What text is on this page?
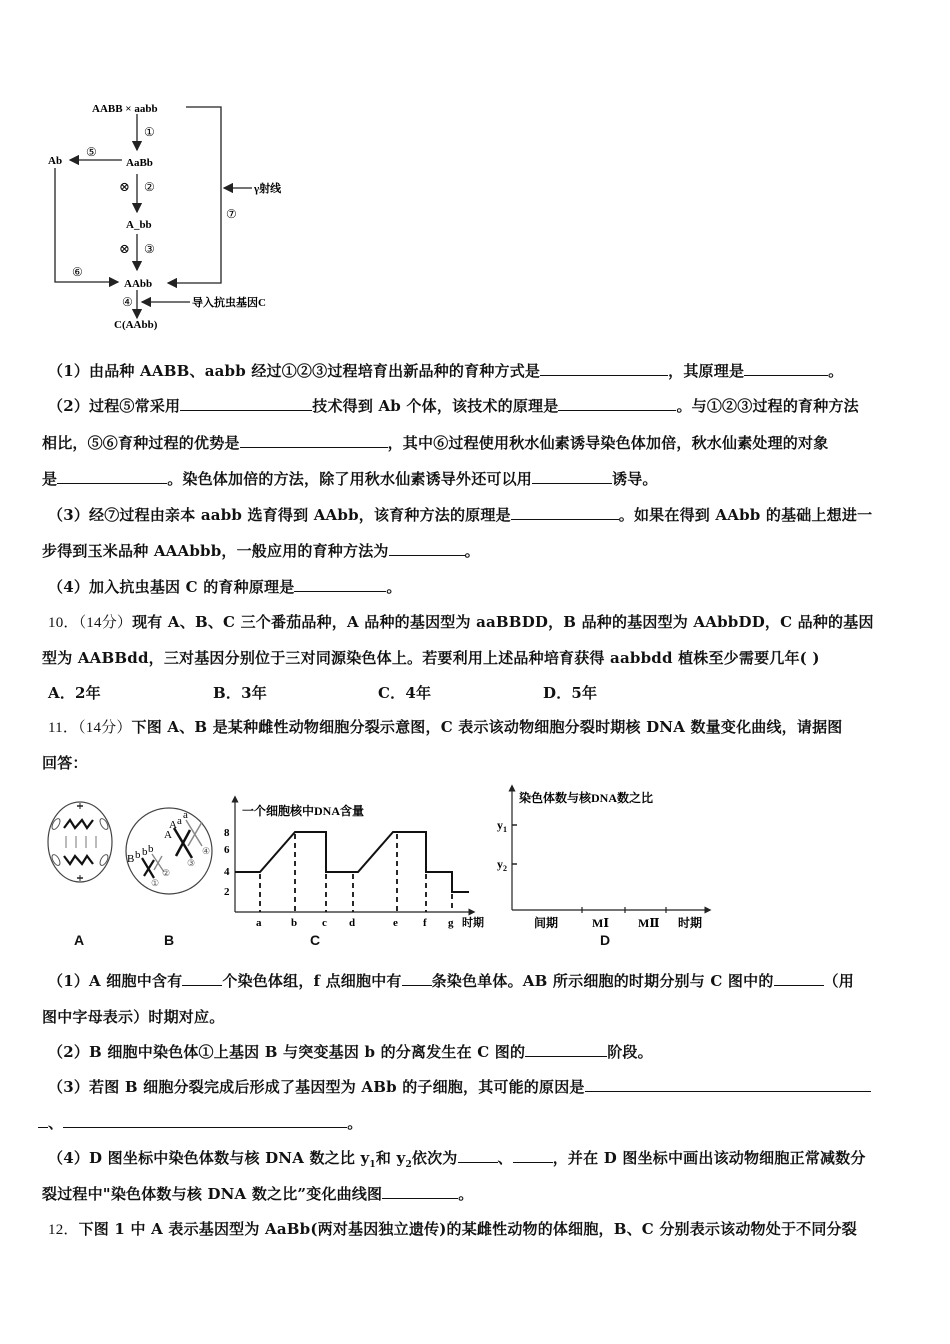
AABB × aabb
①
AaBb
Ab
⑤
⊗ ②
A_bb
⊗ ③
⑥
AAbb
⑦
γ射线
④	导入抗虫基因C
C(AAbb)
（1）由品种 AABB、aabb 经过①②③过程培育出新品种的育种方式是	，其原理是	。
（2）过程⑤常采用	技术得到 Ab 个体，该技术的原理是	。与①②③过程的育种方法
相比，⑤⑥育种过程的优势是	，其中⑥过程使用秋水仙素诱导染色体加倍，秋水仙素处理的对象
是	。染色体加倍的方法，除了用秋水仙素诱导外还可以用	诱导。
（3）经⑦过程由亲本 aabb 选育得到 AAbb，该育种方法的原理是	。如果在得到 AAbb 的基础上想进一
步得到玉米品种 AAAbbb，一般应用的育种方法为	。
（4）加入抗虫基因 C 的育种原理是	。
10．（14分）现有 A、B、C 三个番茄品种，A 品种的基因型为 aaBBDD，B 品种的基因型为 AAbbDD，C 品种的基因
型为 AABBdd，三对基因分别位于三对同源染色体上。若要利用上述品种培育获得 aabbdd 植株至少需要几年( )
A．2年	B．3年	C．4年	D．5年
11．（14分）下图 A、B 是某种雌性动物细胞分裂示意图，C 表示该动物细胞分裂时期核 DNA 数量变化曲线，请据图
回答：
A
B b b b
A
A a a
①
②
③
④
B
一个细胞核中DNA含量
8
6
4
2
a	b c d	e f g 时期
C
染色体数与核DNA数之比
$y_1$
$y_2$
间期	MⅠ MⅡ 时期
D
（1）A 细胞中含有	个染色体组，f 点细胞中有 条染色单体。AB 所示细胞的时期分别与 C 图中的	（用
图中字母表示）时期对应。
（2）B 细胞中染色体①上基因 B 与突变基因 b 的分离发生在 C 图的	阶段。
（3）若图 B 细胞分裂完成后形成了基因型为 ABb 的子细胞，其可能的原因是
、	。
（4）D 图坐标中染色体数与核 DNA 数之比 $y_1$和 $y_2$依次为	、	，并在 D 图坐标中画出该动物细胞正常减数分
裂过程中"染色体数与核 DNA 数之比”变化曲线图	。
12．下图 1 中 A 表示基因型为 AaBb(两对基因独立遗传)的某雌性动物的体细胞，B、C 分别表示该动物处于不同分裂
